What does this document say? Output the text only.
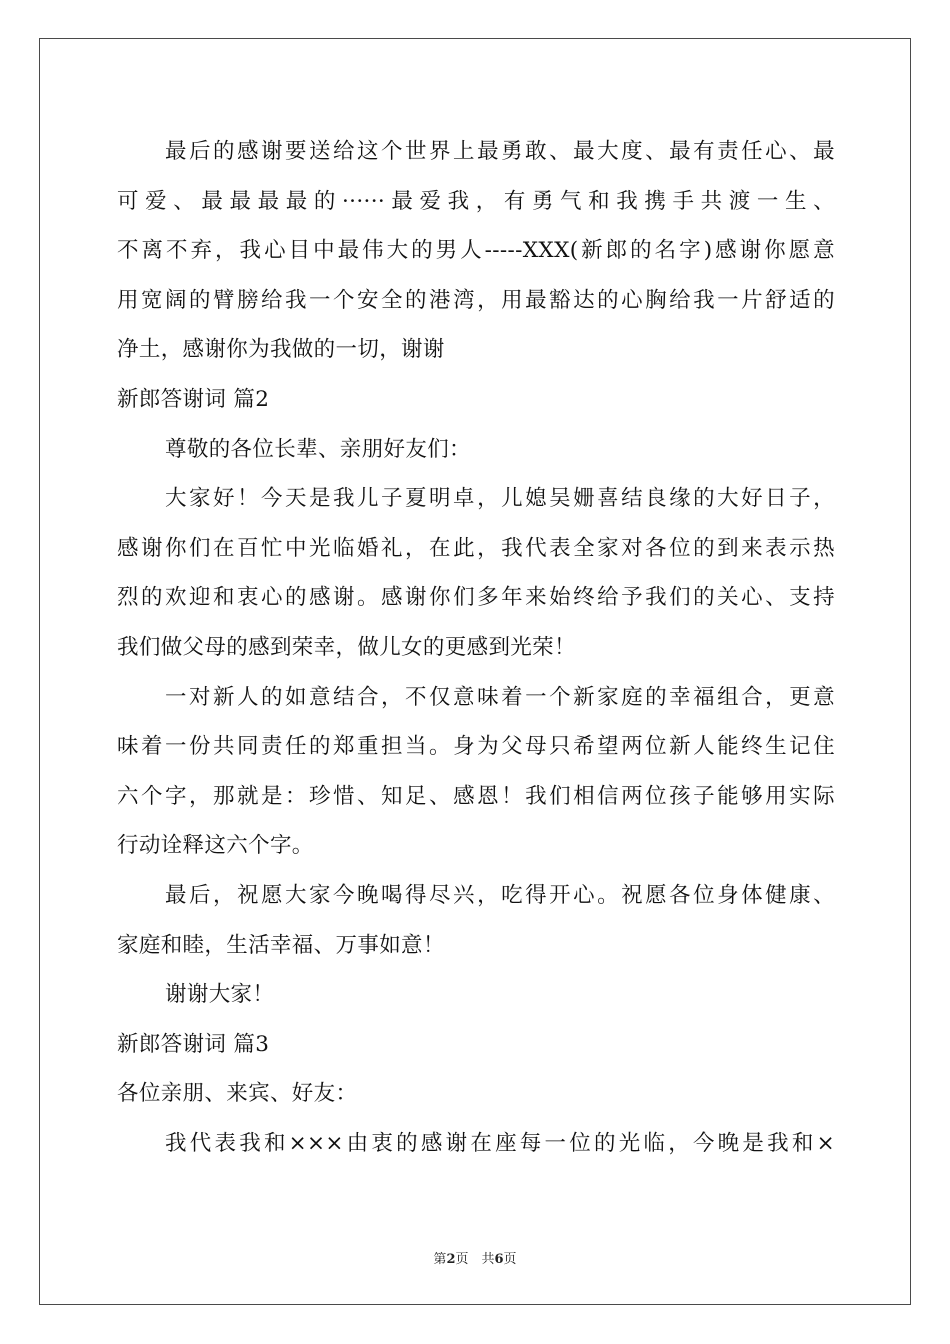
最后的感谢要送给这个世界上最勇敢、最大度、最有责任心、最
可爱、最最最最的······最爱我，有勇气和我携手共渡一生、
不离不弃，我心目中最伟大的男人-----XXX(新郎的名字)感谢你愿意
用宽阔的臂膀给我一个安全的港湾，用最豁达的心胸给我一片舒适的
净土，感谢你为我做的一切，谢谢
新郎答谢词 篇2
尊敬的各位长辈、亲朋好友们：
大家好！今天是我儿子夏明卓，儿媳吴姗喜结良缘的大好日子，
感谢你们在百忙中光临婚礼，在此，我代表全家对各位的到来表示热
烈的欢迎和衷心的感谢。感谢你们多年来始终给予我们的关心、支持
我们做父母的感到荣幸，做儿女的更感到光荣！
一对新人的如意结合，不仅意味着一个新家庭的幸福组合，更意
味着一份共同责任的郑重担当。身为父母只希望两位新人能终生记住
六个字，那就是：珍惜、知足、感恩！我们相信两位孩子能够用实际
行动诠释这六个字。
最后，祝愿大家今晚喝得尽兴，吃得开心。祝愿各位身体健康、
家庭和睦，生活幸福、万事如意！
谢谢大家！
新郎答谢词 篇3
各位亲朋、来宾、好友：
我代表我和×××由衷的感谢在座每一位的光临，今晚是我和×
第2页　共6页
